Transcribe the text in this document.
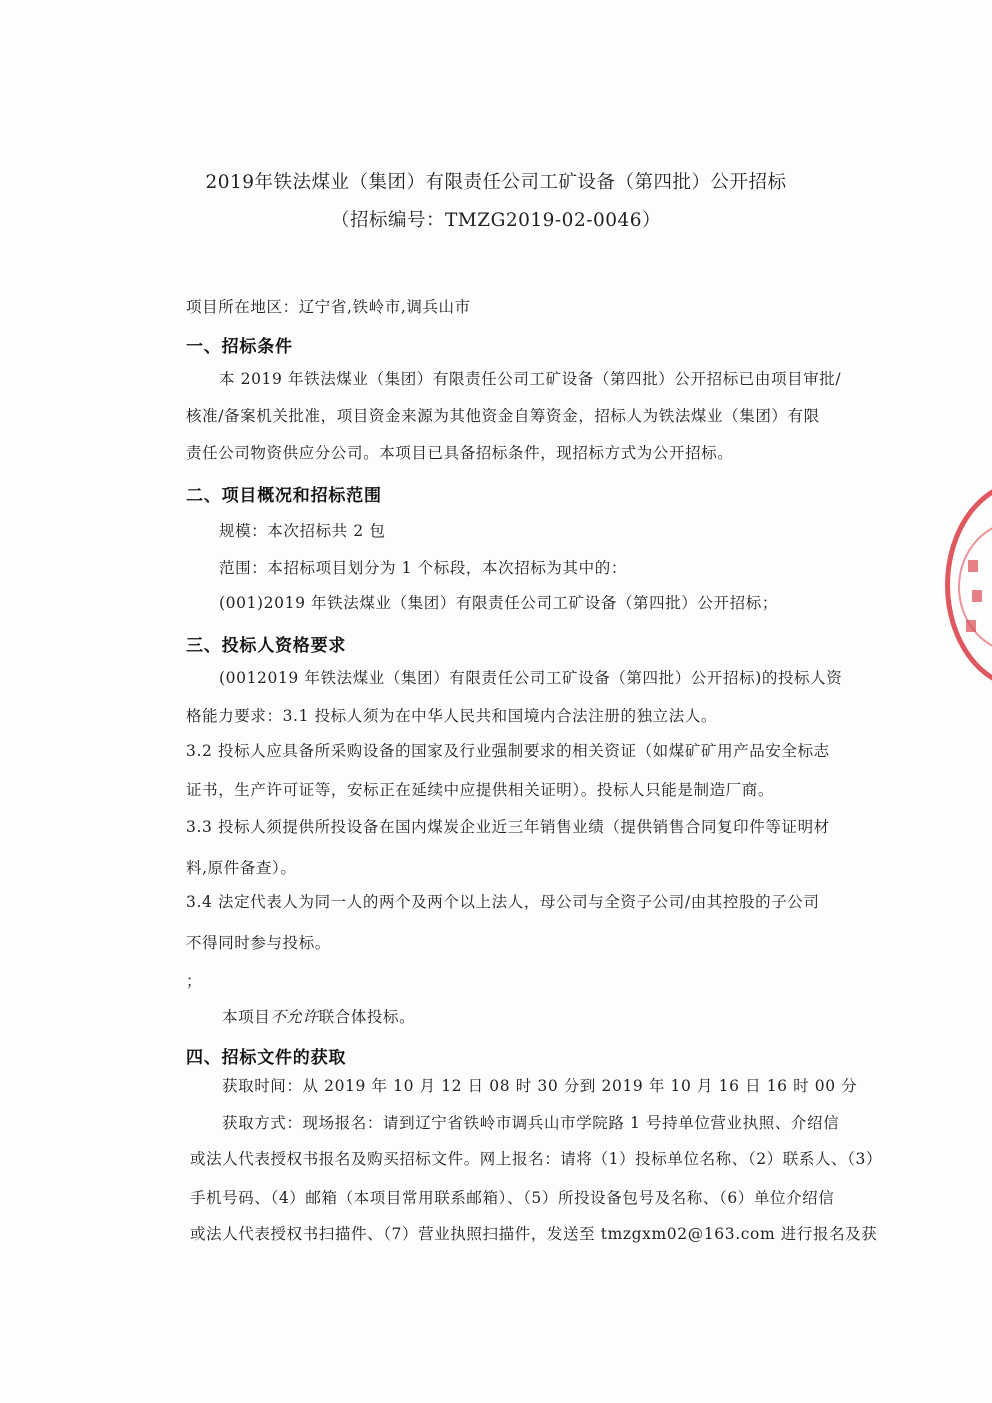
2019年铁法煤业（集团）有限责任公司工矿设备（第四批）公开招标
（招标编号：TMZG2019-02-0046）
项目所在地区：辽宁省,铁岭市,调兵山市
一、招标条件
本 2019 年铁法煤业（集团）有限责任公司工矿设备（第四批）公开招标已由项目审批/
核准/备案机关批准，项目资金来源为其他资金自筹资金，招标人为铁法煤业（集团）有限
责任公司物资供应分公司。本项目已具备招标条件，现招标方式为公开招标。
二、项目概况和招标范围
规模：本次招标共 2 包
范围：本招标项目划分为 1 个标段，本次招标为其中的：
(001)2019 年铁法煤业（集团）有限责任公司工矿设备（第四批）公开招标；
三、投标人资格要求
(0012019 年铁法煤业（集团）有限责任公司工矿设备（第四批）公开招标)的投标人资
格能力要求：3.1 投标人须为在中华人民共和国境内合法注册的独立法人。
3.2 投标人应具备所采购设备的国家及行业强制要求的相关资证（如煤矿矿用产品安全标志
证书，生产许可证等，安标正在延续中应提供相关证明）。投标人只能是制造厂商。
3.3 投标人须提供所投设备在国内煤炭企业近三年销售业绩（提供销售合同复印件等证明材
料,原件备查）。
3.4 法定代表人为同一人的两个及两个以上法人，母公司与全资子公司/由其控股的子公司
不得同时参与投标。
；
本项目不允许联合体投标。
四、招标文件的获取
获取时间：从 2019 年 10 月 12 日 08 时 30 分到 2019 年 10 月 16 日 16 时 00 分
获取方式：现场报名：请到辽宁省铁岭市调兵山市学院路 1 号持单位营业执照、介绍信
或法人代表授权书报名及购买招标文件。网上报名：请将（1）投标单位名称、（2）联系人、（3）
手机号码、（4）邮箱（本项目常用联系邮箱）、（5）所投设备包号及名称、（6）单位介绍信
或法人代表授权书扫描件、（7）营业执照扫描件，发送至 tmzgxm02@163.com 进行报名及获
